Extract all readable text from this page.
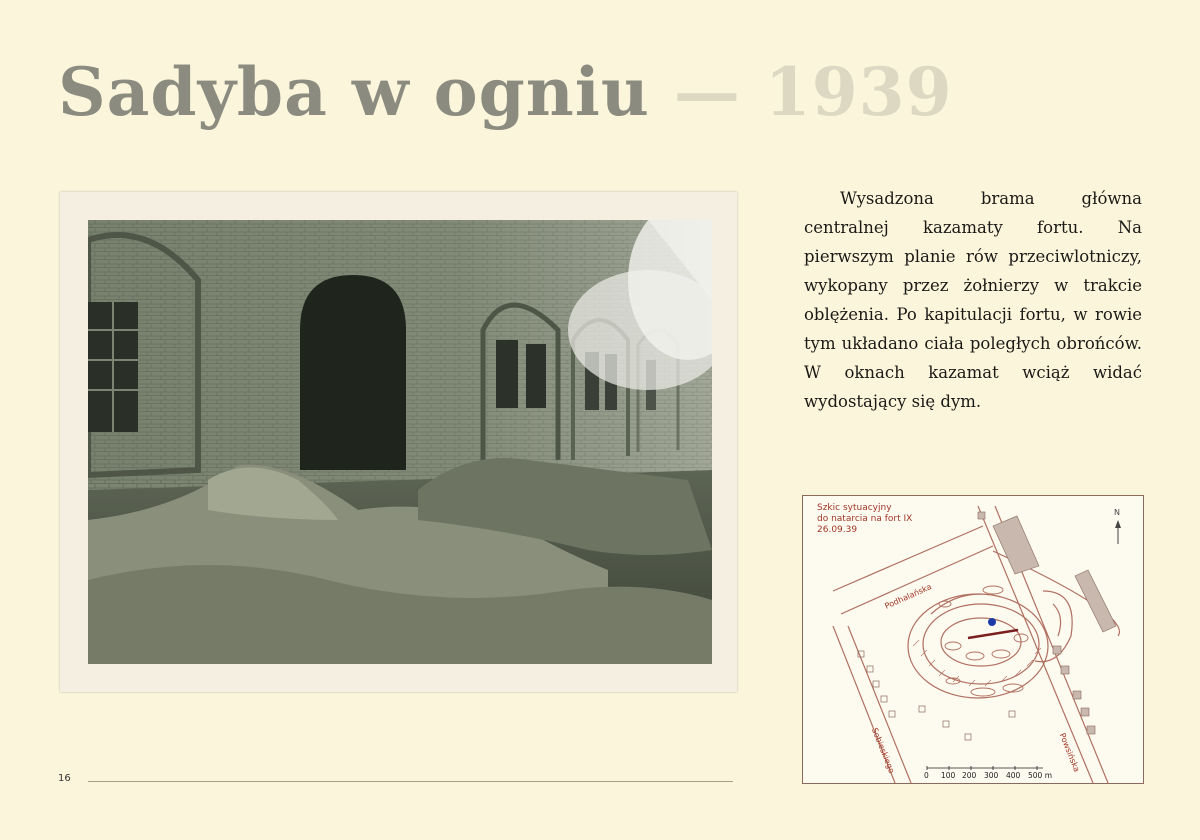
Sadyba w ogniu — 1939

Wysadzona brama główna centralnej kazamaty fortu. Na pierwszym planie rów przeciwlotniczy, wykopany przez żołnierzy w trakcie oblężenia. Po kapitulacji fortu, w rowie tym układano ciała poległych obrońców. W oknach kazamat wciąż widać wydostający się dym.

Szkic sytuacyjny
do natarcia na fort IX
26.09.39
N
Podhalańska
Sobieskiego	Powsińska
0 100 200 300 400 500 m
16
